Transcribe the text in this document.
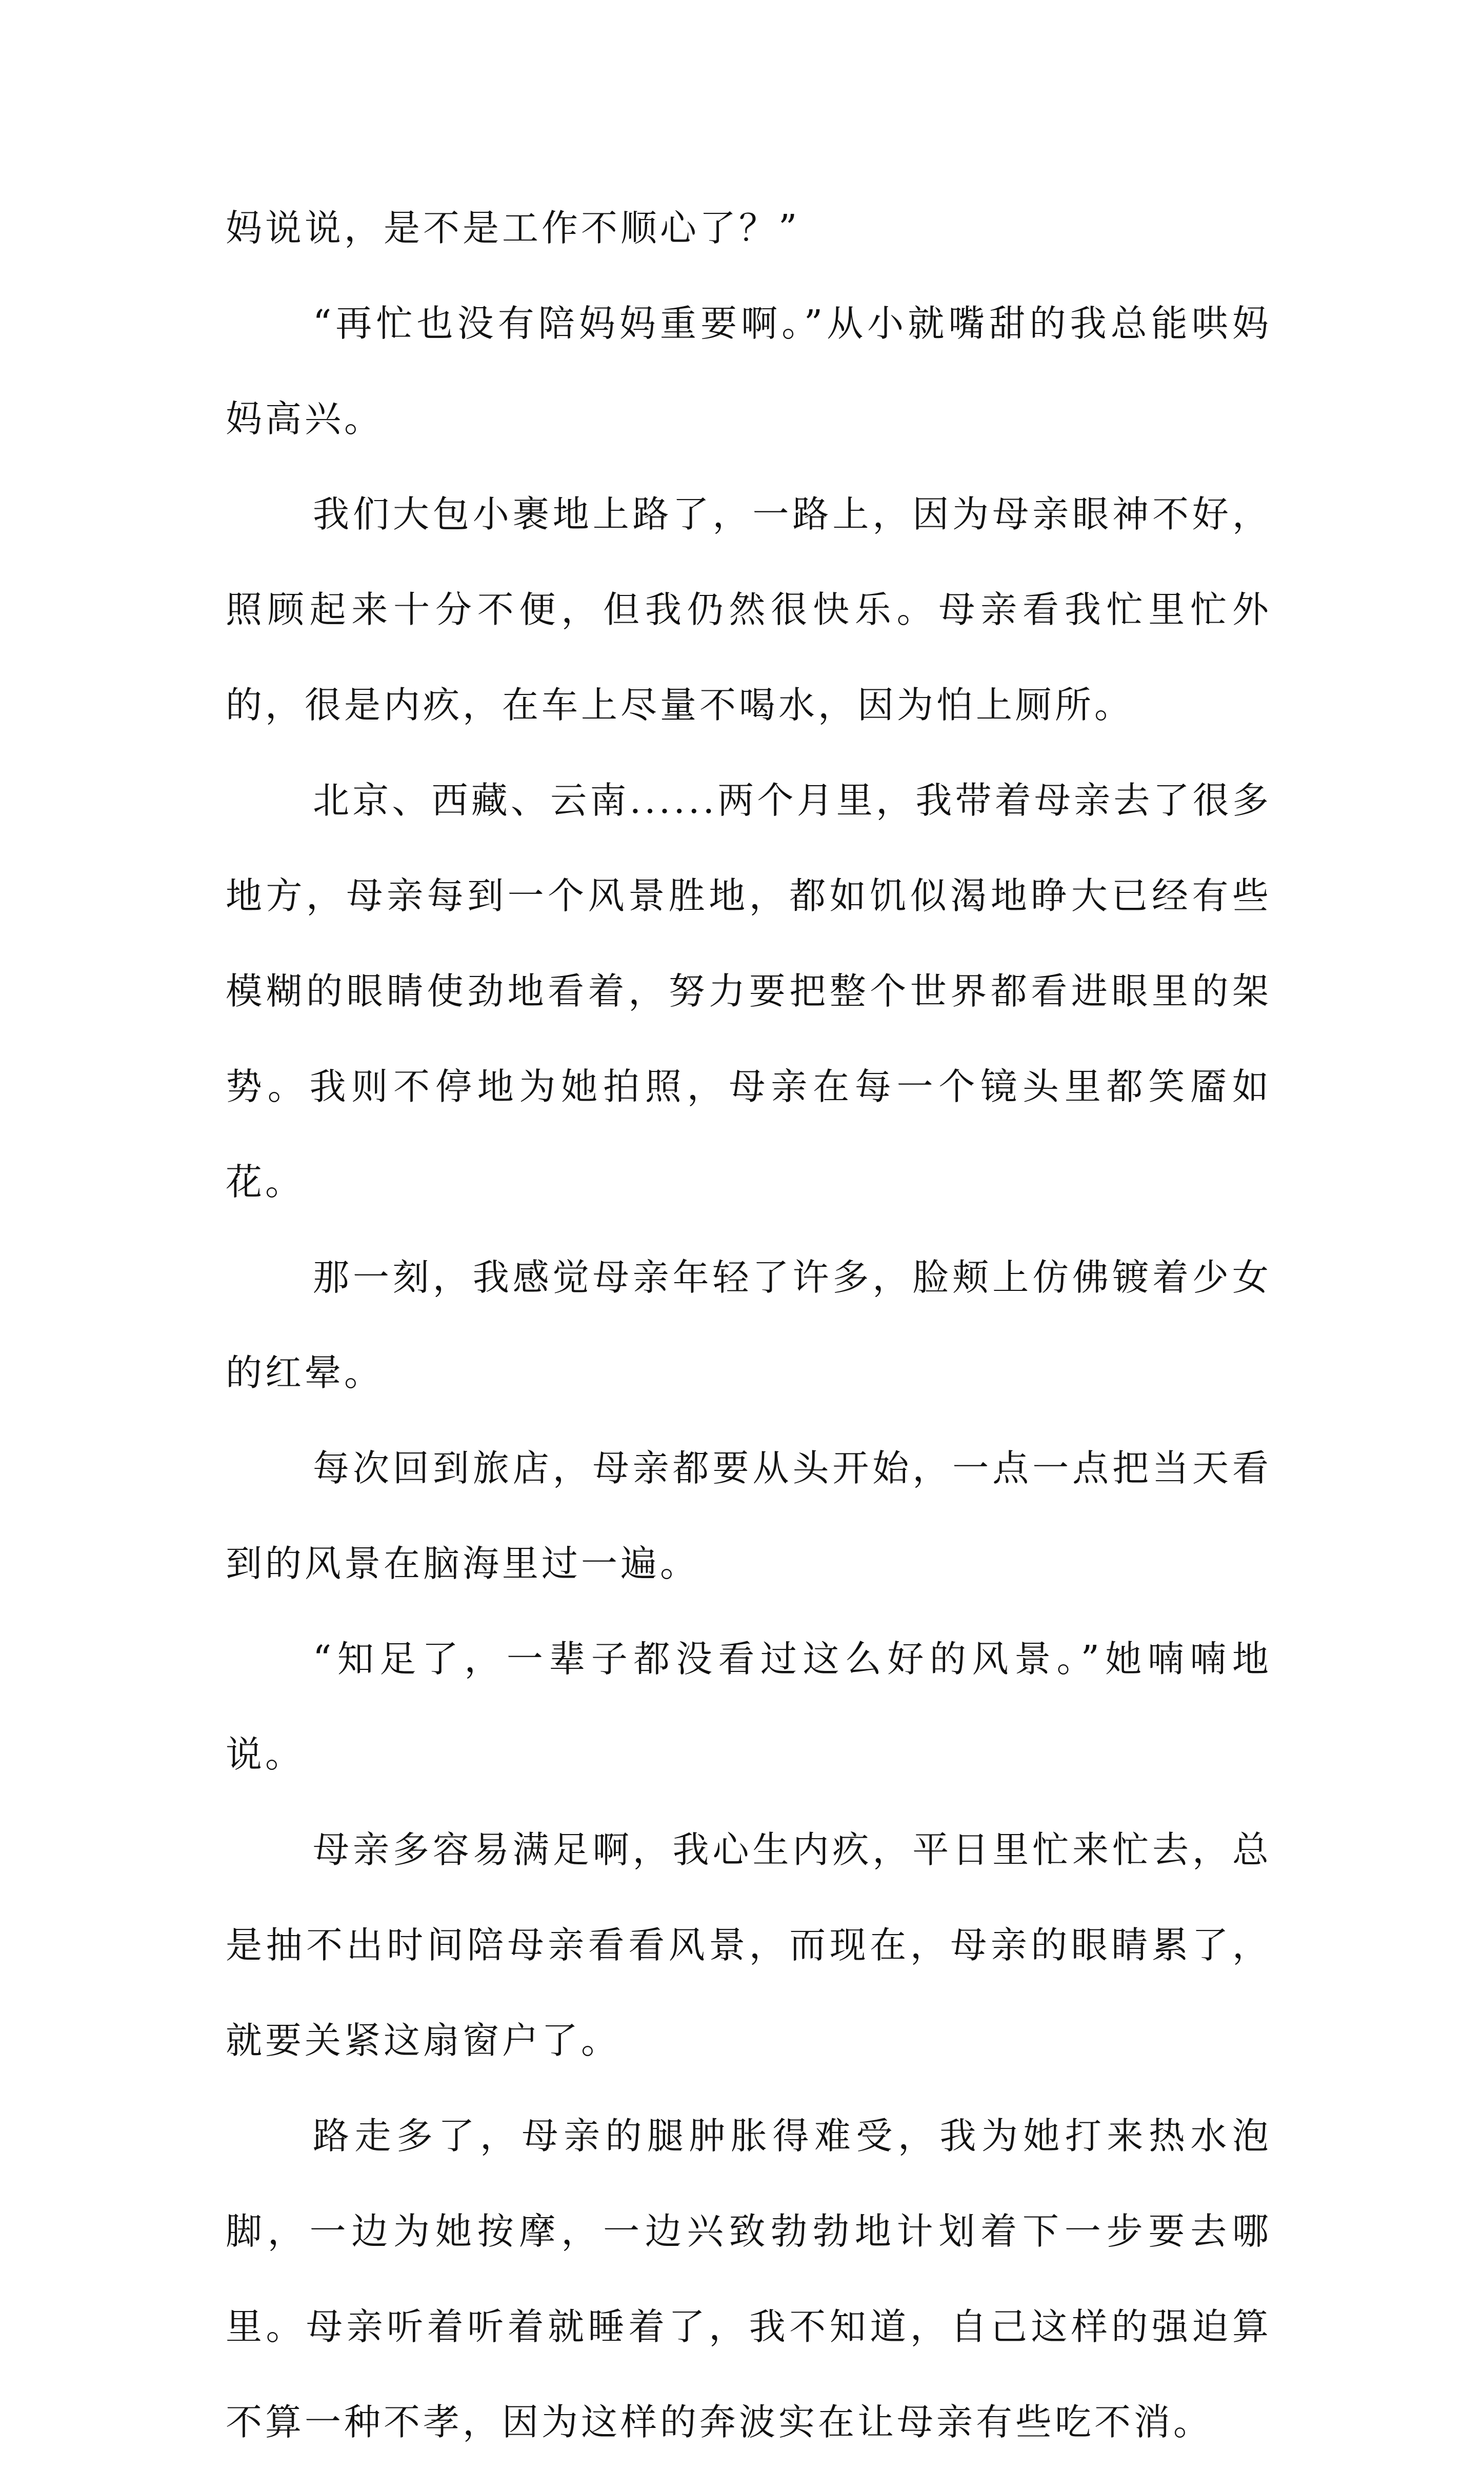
妈说说，是不是工作不顺心了？”

“再忙也没有陪妈妈重要啊。”从小就嘴甜的我总能哄妈妈高兴。

我们大包小裹地上路了，一路上，因为母亲眼神不好，照顾起来十分不便，但我仍然很快乐。母亲看我忙里忙外的，很是内疚，在车上尽量不喝水，因为怕上厕所。

北京、西藏、云南......两个月里，我带着母亲去了很多地方，母亲每到一个风景胜地，都如饥似渴地睁大已经有些模糊的眼睛使劲地看着，努力要把整个世界都看进眼里的架势。我则不停地为她拍照，母亲在每一个镜头里都笑靥如花。

那一刻，我感觉母亲年轻了许多，脸颊上仿佛镀着少女的红晕。

每次回到旅店，母亲都要从头开始，一点一点把当天看到的风景在脑海里过一遍。

“知足了，一辈子都没看过这么好的风景。”她喃喃地说。

母亲多容易满足啊，我心生内疚，平日里忙来忙去，总是抽不出时间陪母亲看看风景，而现在，母亲的眼睛累了，就要关紧这扇窗户了。

路走多了，母亲的腿肿胀得难受，我为她打来热水泡脚，一边为她按摩，一边兴致勃勃地计划着下一步要去哪里。母亲听着听着就睡着了，我不知道，自己这样的强迫算不算一种不孝，因为这样的奔波实在让母亲有些吃不消。
